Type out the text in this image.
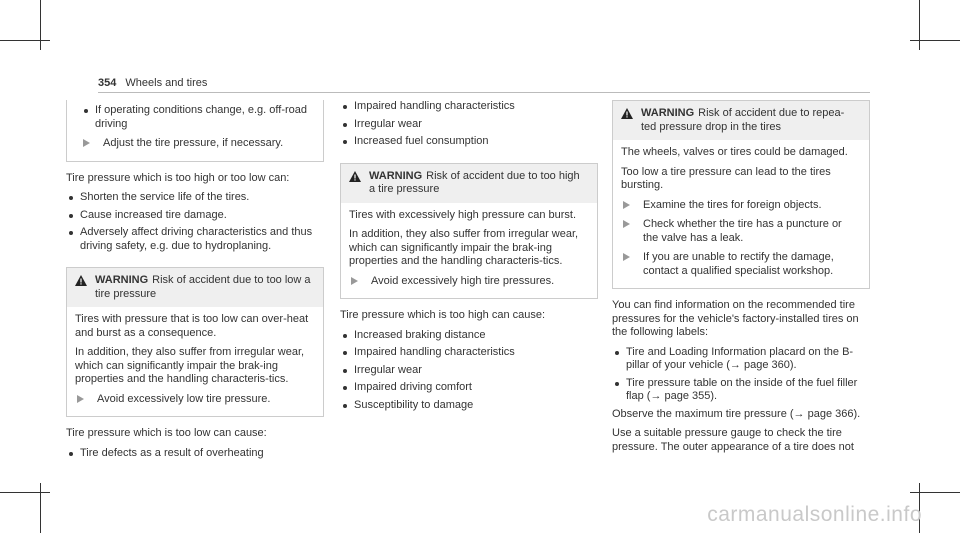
354 Wheels and tires
If operating conditions change, e.g. off-road driving
Adjust the tire pressure, if necessary.

Tire pressure which is too high or too low can:

Shorten the service life of the tires.
Cause increased tire damage.
Adversely affect driving characteristics and thus driving safety, e.g. due to hydroplaning.
WARNING Risk of accident due to too low a tire pressure

Tires with pressure that is too low can over-heat and burst as a consequence.

In addition, they also suffer from irregular wear, which can significantly impair the brak-ing properties and the handling characteris-tics.

Avoid excessively low tire pressure.

Tire pressure which is too low can cause:

Tire defects as a result of overheating
Impaired handling characteristics
Irregular wear
Increased fuel consumption
WARNING Risk of accident due to too high a tire pressure

Tires with excessively high pressure can burst.

In addition, they also suffer from irregular wear, which can significantly impair the brak-ing properties and the handling characteris-tics.

Avoid excessively high tire pressures.

Tire pressure which is too high can cause:

Increased braking distance
Impaired handling characteristics
Irregular wear
Impaired driving comfort
Susceptibility to damage
WARNING Risk of accident due to repea-ted pressure drop in the tires

The wheels, valves or tires could be damaged.

Too low a tire pressure can lead to the tires bursting.

Examine the tires for foreign objects.
Check whether the tire has a puncture or the valve has a leak.
If you are unable to rectify the damage, contact a qualified specialist workshop.

You can find information on the recommended tire pressures for the vehicle's factory-installed tires on the following labels:

Tire and Loading Information placard on the B-pillar of your vehicle (→ page 360).
Tire pressure table on the inside of the fuel filler flap (→ page 355).

Observe the maximum tire pressure (→ page 366).

Use a suitable pressure gauge to check the tire pressure. The outer appearance of a tire does not

carmanualsonline.info
